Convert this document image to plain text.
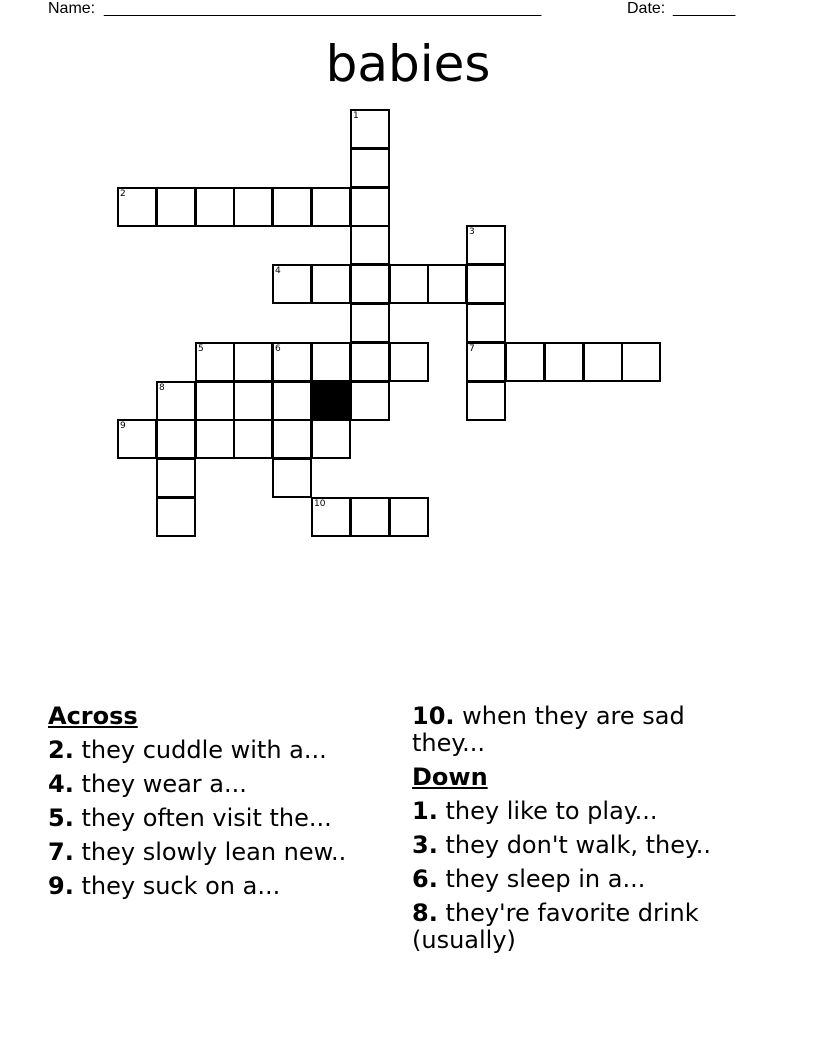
Name: ____________________________________________________	Date: _______
babies
1
2
3
7
4
5	6
8
9
10
Across
2. they cuddle with a...
4. they wear a...
5. they often visit the...
7. they slowly lean new..
9. they suck on a...
10. when they are sad they...
Down
1. they like to play...
3. they don't walk, they..
6. they sleep in a...
8. they're favorite drink (usually)
